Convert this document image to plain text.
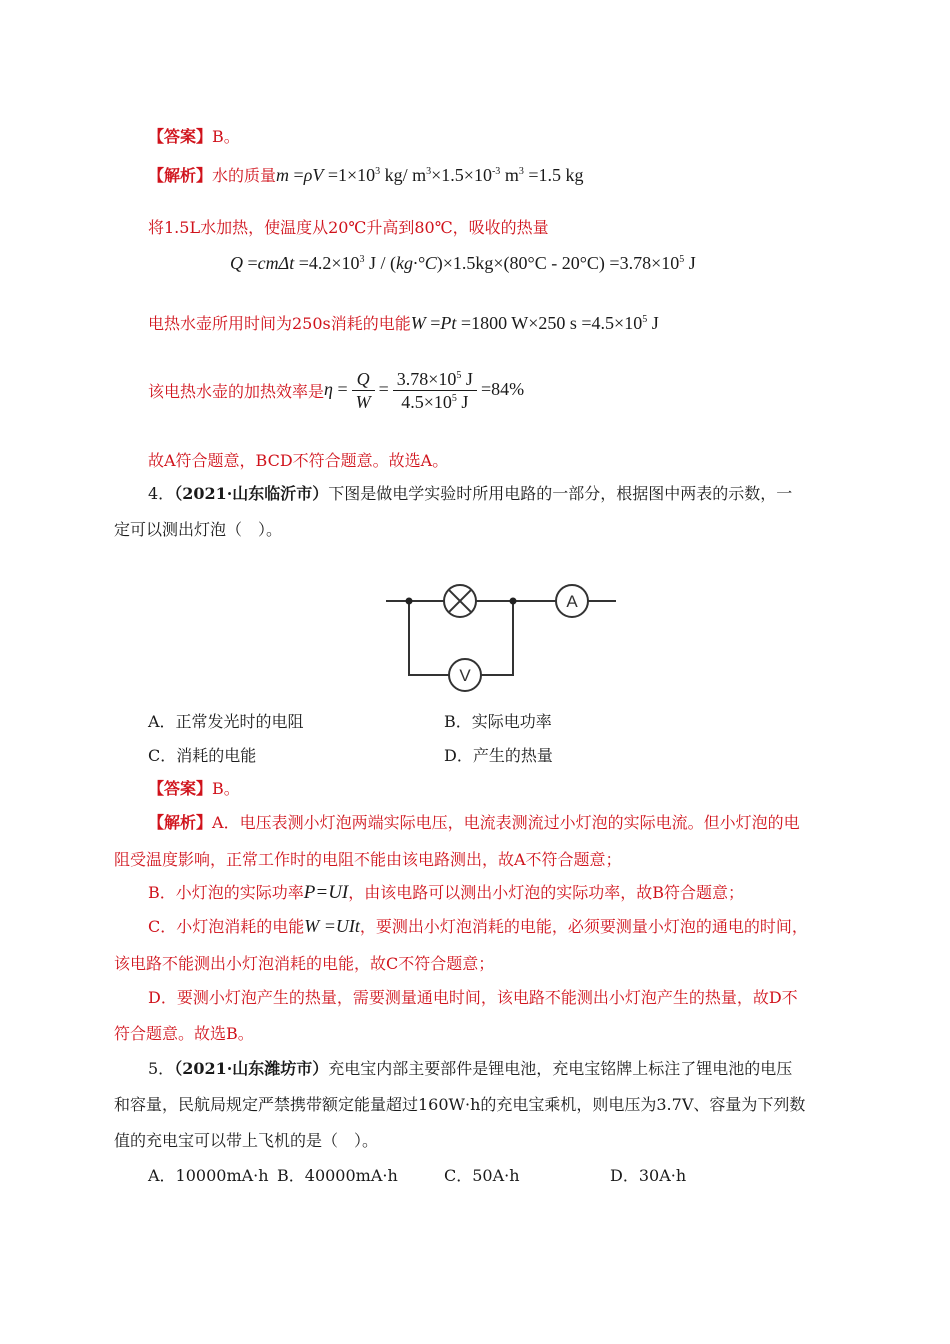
【答案】B。
【解析】水的质量$m =\rho V =1\times 10^3$ kg/ $m^3\times 1.5\times 10^{-3}$ $m^3 =1.5$ kg
将1.5L水加热，使温度从20℃升高到80℃，吸收的热量
$Q =cm\Delta t =4.2\times 10^3$ $J / (kg\cdot^\circ C)\times 1.5kg\times(80^\circ C - 20^\circ C) =3.78\times 10^5$ J
电热水壶所用时间为250s消耗的电能W =Pt =1800 W×250 $s =4.5\times 10^5$ J
该电热水壶的加热效率是$\eta = \frac{Q}{W} = \frac{3.78\times 10^5 J}{4.5\times 10^5 J} =84\%$
故A符合题意，BCD不符合题意。故选A。
4．（2021·山东临沂市）下图是做电学实验时所用电路的一部分，根据图中两表的示数，一
定可以测出灯泡（　）。
A
V
A．正常发光时的电阻	B．实际电功率
C．消耗的电能	D．产生的热量
【答案】B。
【解析】A．电压表测小灯泡两端实际电压，电流表测流过小灯泡的实际电流。但小灯泡的电
阻受温度影响，正常工作时的电阻不能由该电路测出，故A不符合题意；
B．小灯泡的实际功率P=UI，由该电路可以测出小灯泡的实际功率，故B符合题意；
C．小灯泡消耗的电能W =UIt，要测出小灯泡消耗的电能，必须要测量小灯泡的通电的时间，
该电路不能测出小灯泡消耗的电能，故C不符合题意；
D．要测小灯泡产生的热量，需要测量通电时间，该电路不能测出小灯泡产生的热量，故D不
符合题意。故选B。
5．（2021·山东潍坊市）充电宝内部主要部件是锂电池，充电宝铭牌上标注了锂电池的电压
和容量，民航局规定严禁携带额定能量超过160W·h的充电宝乘机，则电压为3.7V、容量为下列数
值的充电宝可以带上飞机的是（　）。
A．10000mA·h B．40000mA·h	C．50A·h	D．30A·h
